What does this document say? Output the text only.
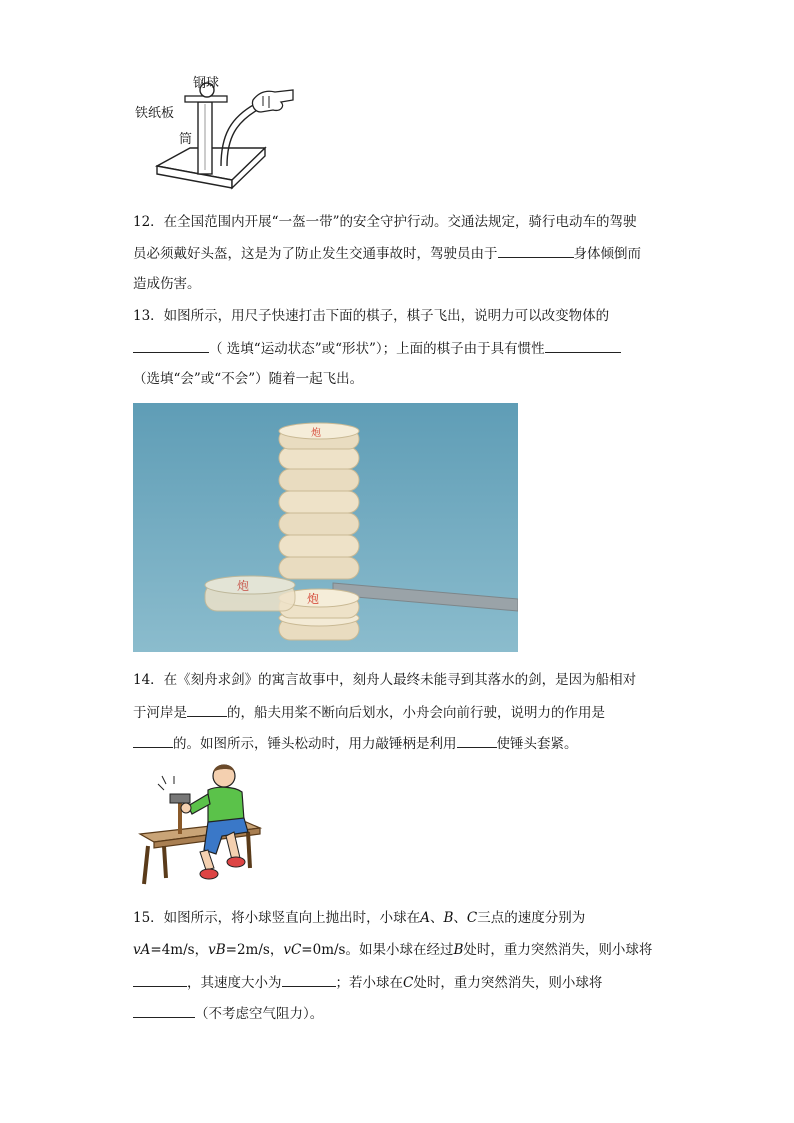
钢球
铁纸板
筒
12．在全国范围内开展“一盔一带”的安全守护行动。交通法规定，骑行电动车的驾驶
员必须戴好头盔，这是为了防止发生交通事故时，驾驶员由于	身体倾倒而
造成伤害。
13．如图所示，用尺子快速打击下面的棋子，棋子飞出，说明力可以改变物体的
（ 选填“运动状态”或“形状”）；上面的棋子由于具有惯性
（选填“会”或“不会”）随着一起飞出。
炮
炮
炮
14．在《刻舟求剑》的寓言故事中，刻舟人最终未能寻到其落水的剑，是因为船相对
于河岸是	的，船夫用桨不断向后划水，小舟会向前行驶，说明力的作用是
的。如图所示，锤头松动时，用力敲锤柄是利用	使锤头套紧。
15．如图所示，将小球竖直向上抛出时，小球在A、B、C三点的速度分别为
vA=4m/s，vB=2m/s，vC=0m/s。如果小球在经过B处时，重力突然消失，则小球将
，其速度大小为	；若小球在C处时，重力突然消失，则小球将
（不考虑空气阻力）。
